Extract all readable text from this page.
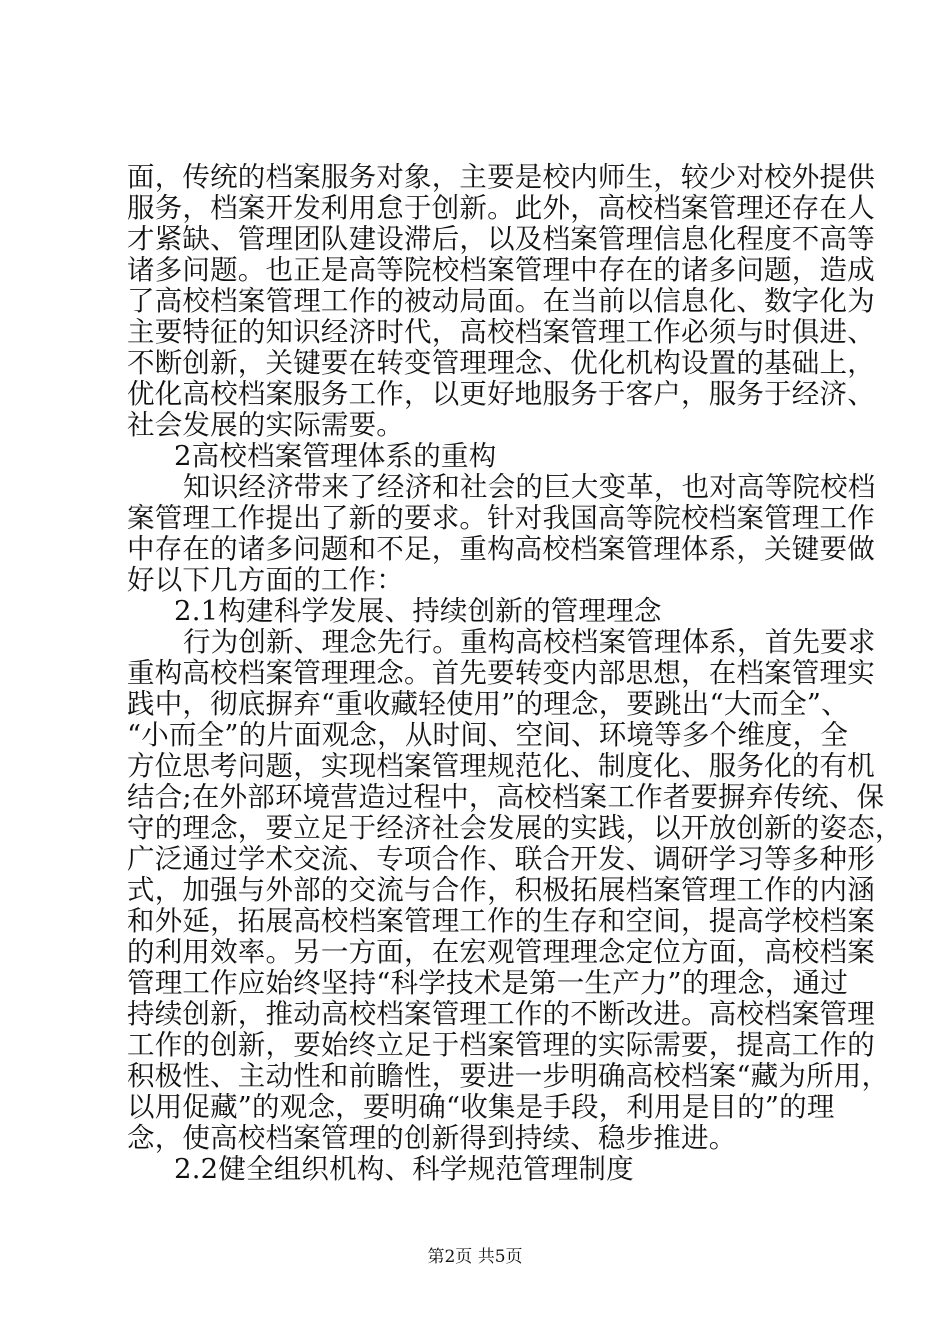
面，传统的档案服务对象，主要是校内师生，较少对校外提供
服务，档案开发利用怠于创新。此外，高校档案管理还存在人
才紧缺、管理团队建设滞后，以及档案管理信息化程度不高等
诸多问题。也正是高等院校档案管理中存在的诸多问题，造成
了高校档案管理工作的被动局面。在当前以信息化、数字化为
主要特征的知识经济时代，高校档案管理工作必须与时俱进、
不断创新，关键要在转变管理理念、优化机构设置的基础上，
优化高校档案服务工作，以更好地服务于客户，服务于经济、
社会发展的实际需要。
2高校档案管理体系的重构
知识经济带来了经济和社会的巨大变革，也对高等院校档
案管理工作提出了新的要求。针对我国高等院校档案管理工作
中存在的诸多问题和不足，重构高校档案管理体系，关键要做
好以下几方面的工作：
2.1构建科学发展、持续创新的管理理念
行为创新、理念先行。重构高校档案管理体系，首先要求
重构高校档案管理理念。首先要转变内部思想，在档案管理实
践中，彻底摒弃“重收藏轻使用”的理念，要跳出“大而全”、
“小而全”的片面观念，从时间、空间、环境等多个维度，全
方位思考问题，实现档案管理规范化、制度化、服务化的有机
结合;在外部环境营造过程中，高校档案工作者要摒弃传统、保
守的理念，要立足于经济社会发展的实践，以开放创新的姿态，
广泛通过学术交流、专项合作、联合开发、调研学习等多种形
式，加强与外部的交流与合作，积极拓展档案管理工作的内涵
和外延，拓展高校档案管理工作的生存和空间，提高学校档案
的利用效率。另一方面，在宏观管理理念定位方面，高校档案
管理工作应始终坚持“科学技术是第一生产力”的理念，通过
持续创新，推动高校档案管理工作的不断改进。高校档案管理
工作的创新，要始终立足于档案管理的实际需要，提高工作的
积极性、主动性和前瞻性，要进一步明确高校档案“藏为所用，
以用促藏”的观念，要明确“收集是手段，利用是目的”的理
念，使高校档案管理的创新得到持续、稳步推进。
2.2健全组织机构、科学规范管理制度
第2页 共5页
